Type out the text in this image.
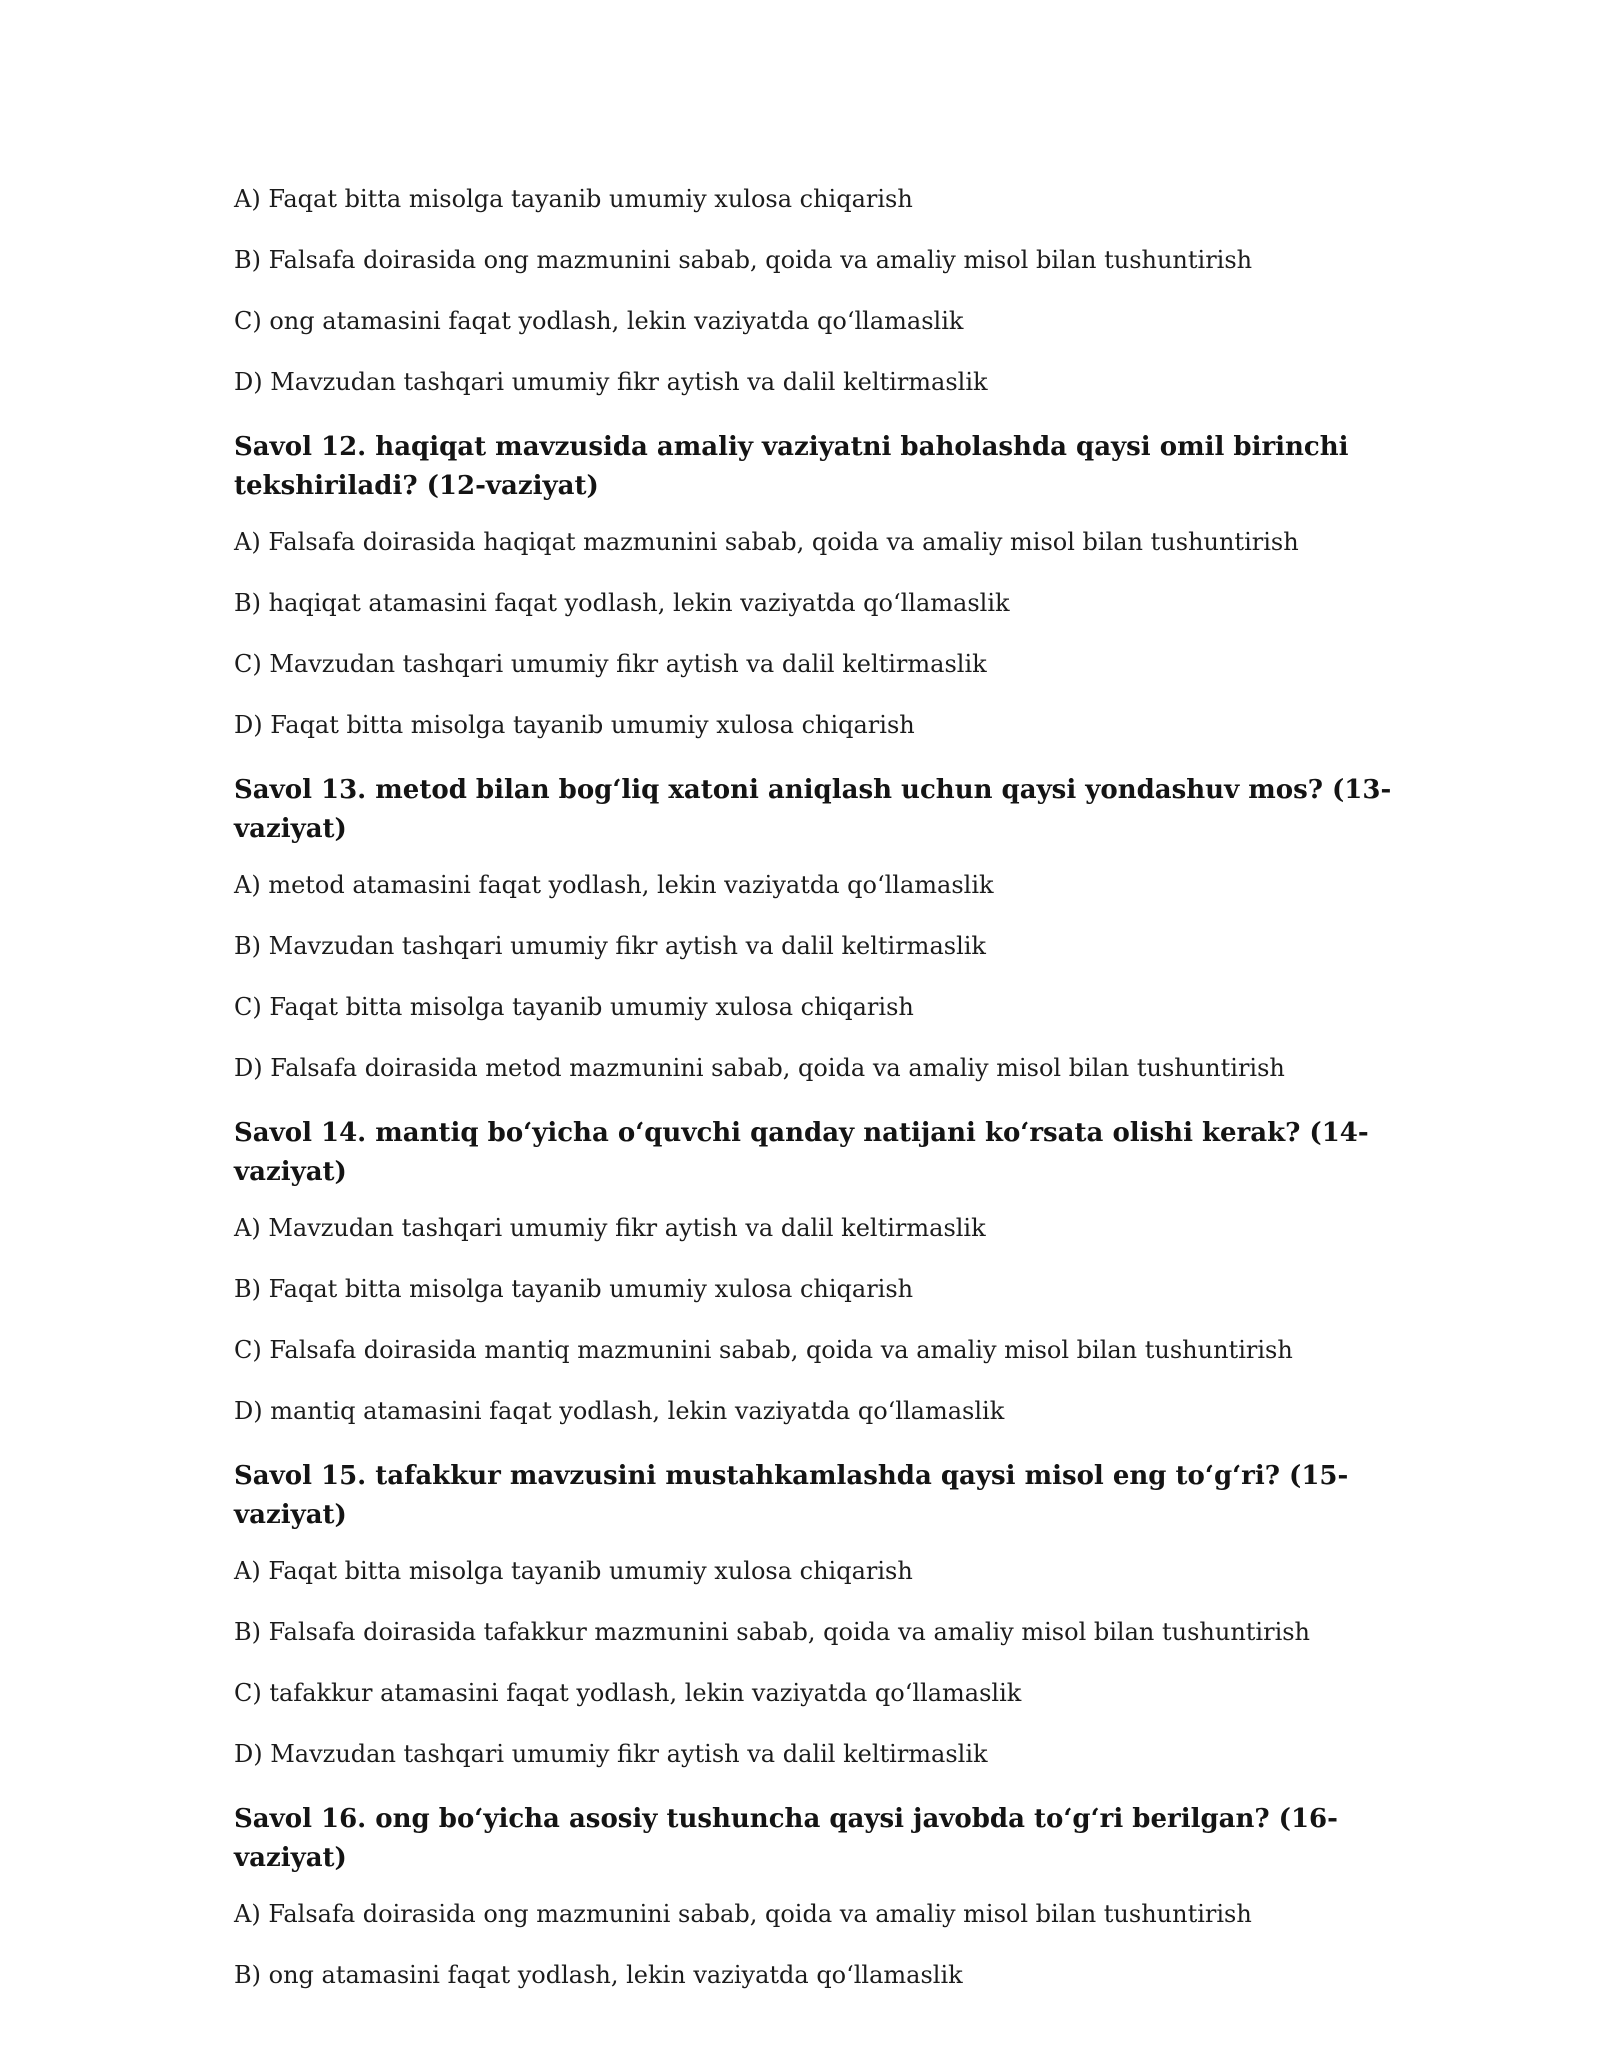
A) Faqat bitta misolga tayanib umumiy xulosa chiqarish

B) Falsafa doirasida ong mazmunini sabab, qoida va amaliy misol bilan tushuntirish

C) ong atamasini faqat yodlash, lekin vaziyatda qo‘llamaslik

D) Mavzudan tashqari umumiy fikr aytish va dalil keltirmaslik

Savol 12. haqiqat mavzusida amaliy vaziyatni baholashda qaysi omil birinchi tekshiriladi? (12-vaziyat)

A) Falsafa doirasida haqiqat mazmunini sabab, qoida va amaliy misol bilan tushuntirish

B) haqiqat atamasini faqat yodlash, lekin vaziyatda qo‘llamaslik

C) Mavzudan tashqari umumiy fikr aytish va dalil keltirmaslik

D) Faqat bitta misolga tayanib umumiy xulosa chiqarish

Savol 13. metod bilan bog‘liq xatoni aniqlash uchun qaysi yondashuv mos? (13-vaziyat)

A) metod atamasini faqat yodlash, lekin vaziyatda qo‘llamaslik

B) Mavzudan tashqari umumiy fikr aytish va dalil keltirmaslik

C) Faqat bitta misolga tayanib umumiy xulosa chiqarish

D) Falsafa doirasida metod mazmunini sabab, qoida va amaliy misol bilan tushuntirish

Savol 14. mantiq bo‘yicha o‘quvchi qanday natijani ko‘rsata olishi kerak? (14-vaziyat)

A) Mavzudan tashqari umumiy fikr aytish va dalil keltirmaslik

B) Faqat bitta misolga tayanib umumiy xulosa chiqarish

C) Falsafa doirasida mantiq mazmunini sabab, qoida va amaliy misol bilan tushuntirish

D) mantiq atamasini faqat yodlash, lekin vaziyatda qo‘llamaslik

Savol 15. tafakkur mavzusini mustahkamlashda qaysi misol eng to‘g‘ri? (15-vaziyat)

A) Faqat bitta misolga tayanib umumiy xulosa chiqarish

B) Falsafa doirasida tafakkur mazmunini sabab, qoida va amaliy misol bilan tushuntirish

C) tafakkur atamasini faqat yodlash, lekin vaziyatda qo‘llamaslik

D) Mavzudan tashqari umumiy fikr aytish va dalil keltirmaslik

Savol 16. ong bo‘yicha asosiy tushuncha qaysi javobda to‘g‘ri berilgan? (16-vaziyat)

A) Falsafa doirasida ong mazmunini sabab, qoida va amaliy misol bilan tushuntirish

B) ong atamasini faqat yodlash, lekin vaziyatda qo‘llamaslik
